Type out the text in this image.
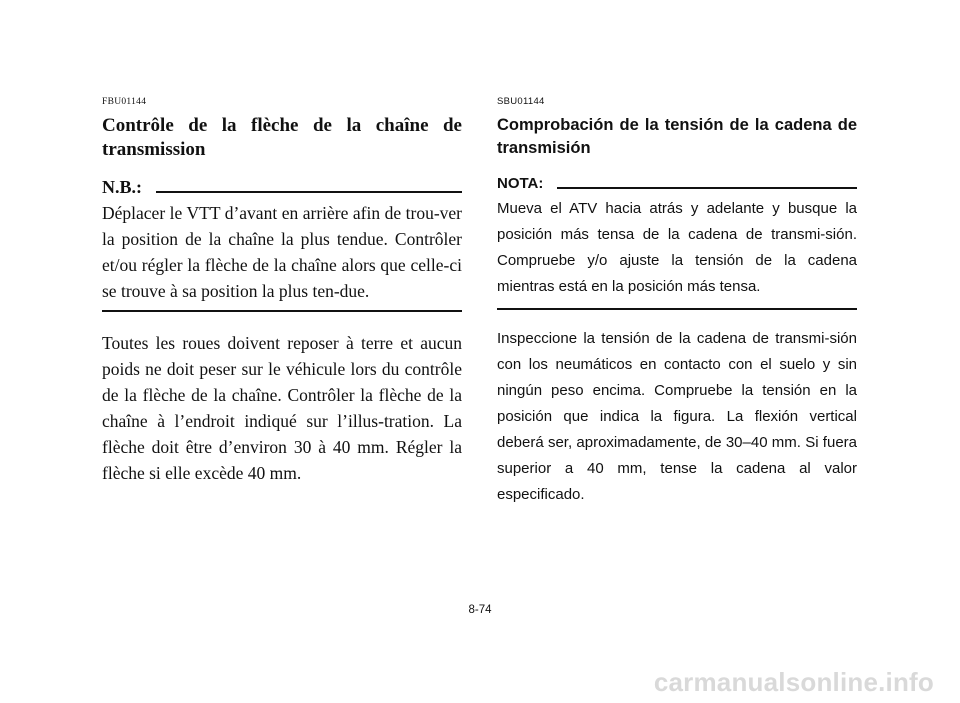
FBU01144

Contrôle de la flèche de la chaîne de transmission
N.B.:

Déplacer le VTT d’avant en arrière afin de trou-ver la position de la chaîne la plus tendue. Contrôler et/ou régler la flèche de la chaîne alors que celle-ci se trouve à sa position la plus ten-due.

Toutes les roues doivent reposer à terre et aucun poids ne doit peser sur le véhicule lors du contrôle de la flèche de la chaîne. Contrôler la flèche de la chaîne à l’endroit indiqué sur l’illus-tration. La flèche doit être d’environ 30 à 40 mm. Régler la flèche si elle excède 40 mm.

SBU01144

Comprobación de la tensión de la cadena de transmisión
NOTA:

Mueva el ATV hacia atrás y adelante y busque la posición más tensa de la cadena de transmi-sión. Compruebe y/o ajuste la tensión de la cadena mientras está en la posición más tensa.

Inspeccione la tensión de la cadena de transmi-sión con los neumáticos en contacto con el suelo y sin ningún peso encima. Compruebe la tensión en la posición que indica la figura. La flexión vertical deberá ser, aproximadamente, de 30–40 mm. Si fuera superior a 40 mm, tense la cadena al valor especificado.

8-74
carmanualsonline.info
